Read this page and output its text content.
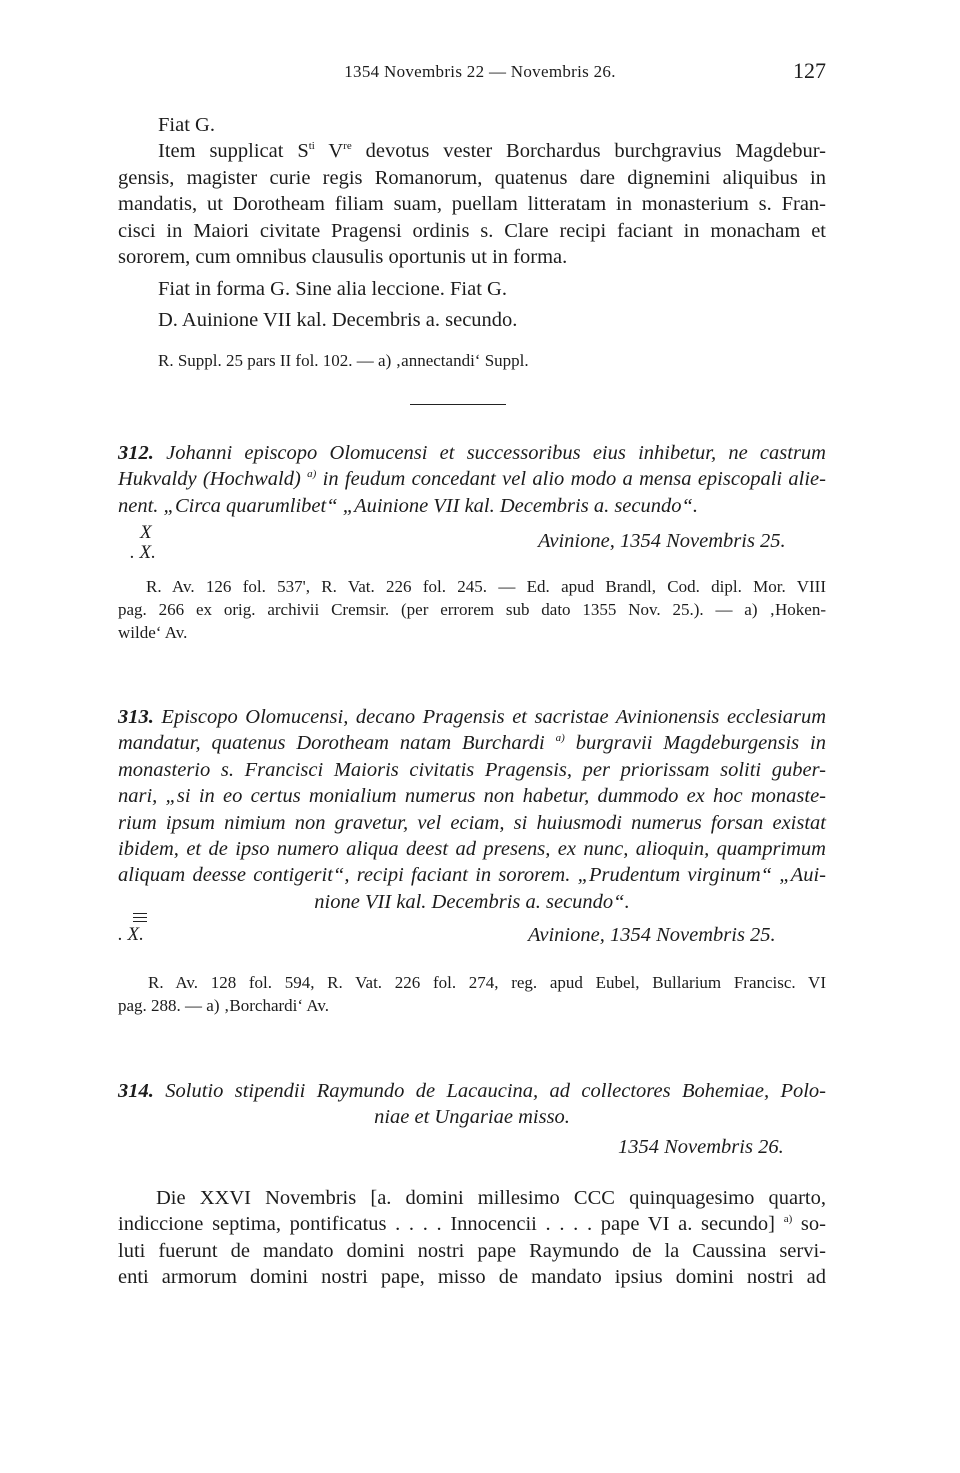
1354 Novembris 22 — Novembris 26.	127
Fiat G.
Item supplicat $S^{ti}$ Vre devotus vester Borchardus burchgravius Magdebur-
gensis, magister curie regis Romanorum, quatenus dare dignemini aliquibus in
mandatis, ut Dorotheam filiam suam, puellam litteratam in monasterium s. Fran-
cisci in Maiori civitate Pragensi ordinis s. Clare recipi faciant in monacham et
sororem, cum omnibus clausulis oportunis ut in forma.
Fiat in forma G. Sine alia leccione. Fiat G.
D. Auinione VII kal. Decembris a. secundo.
R. Suppl. 25 pars II fol. 102. — a) ‚annectandi‘ Suppl.
312. Johanni episcopo Olomucensi et successoribus eius inhibetur, ne castrum
Hukvaldy (Hochwald) $^{a)}$ in feudum concedant vel alio modo a mensa episcopali alie-
nent. „Circa quarumlibet“ „Auinione VII kal. Decembris a. secundo“.
X
. X.
Avinione, 1354 Novembris 25.
R. Av. 126 fol. 537', R. Vat. 226 fol. 245. — Ed. apud Brandl, Cod. dipl. Mor. VIII
pag. 266 ex orig. archivii Cremsir. (per errorem sub dato 1355 Nov. 25.). — a) ‚Hoken-
wilde‘ Av.
313. Episcopo Olomucensi, decano Pragensis et sacristae Avinionensis ecclesiarum
mandatur, quatenus Dorotheam natam Burchardi $^{a)}$ burgravii Magdeburgensis in
monasterio s. Francisci Maioris civitatis Pragensis, per priorissam soliti guber-
nari, „si in eo certus monialium numerus non habetur, dummodo ex hoc monaste-
rium ipsum nimium non gravetur, vel eciam, si huiusmodi numerus forsan existat
ibidem, et de ipso numero aliqua deest ad presens, ex nunc, alioquin, quamprimum
aliquam deesse contigerit“, recipi faciant in sororem. „Prudentum virginum“ „Aui-
nione VII kal. Decembris a. secundo“.
. X.	Avinione, 1354 Novembris 25.
R. Av. 128 fol. 594, R. Vat. 226 fol. 274, reg. apud Eubel, Bullarium Francisc. VI
pag. 288. — a) ‚Borchardi‘ Av.
314. Solutio stipendii Raymundo de Lacaucina, ad collectores Bohemiae, Polo-
niae et Ungariae misso.
1354 Novembris 26.
Die XXVI Novembris [a. domini millesimo CCC quinquagesimo quarto,
indiccione septima, pontificatus . . . . Innocencii . . . . pape VI a. secundo] $^{a)}$ so-
luti fuerunt de mandato domini nostri pape Raymundo de la Caussina servi-
enti armorum domini nostri pape, misso de mandato ipsius domini nostri ad
